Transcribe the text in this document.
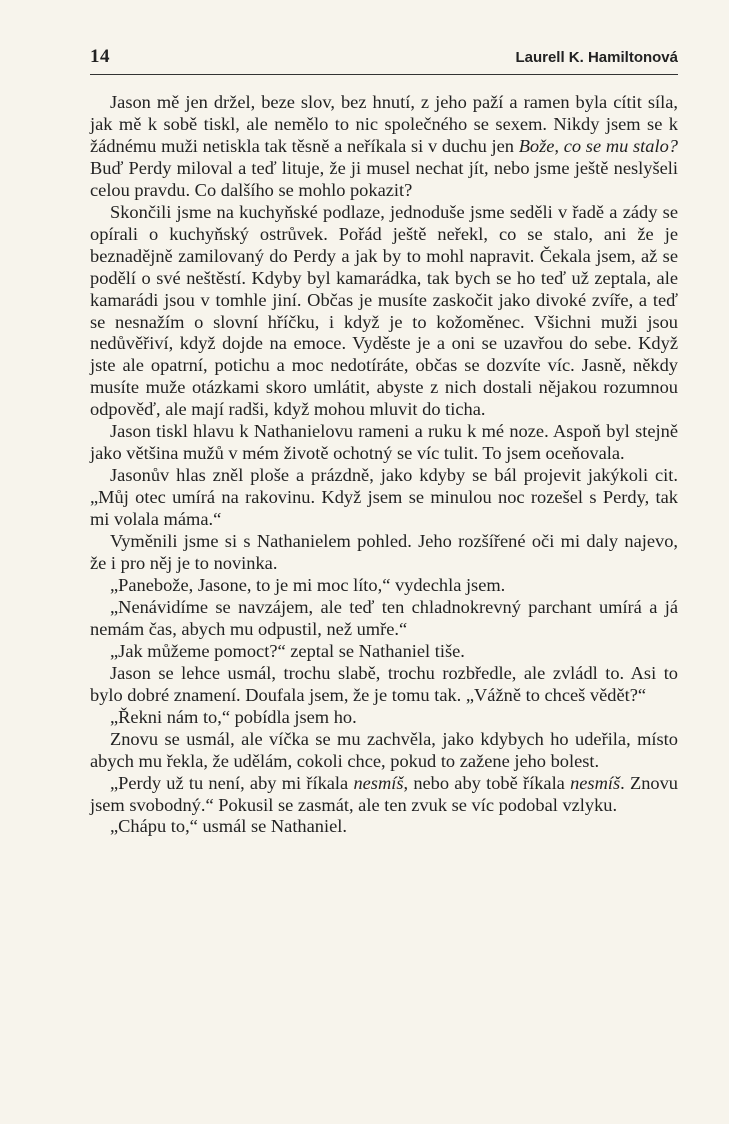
14	Laurell K. Hamiltonová

Jason mě jen držel, beze slov, bez hnutí, z jeho paží a ramen byla cítit síla, jak mě k sobě tiskl, ale nemělo to nic společného se sexem. Nikdy jsem se k žádnému muži netiskla tak těsně a neříkala si v duchu jen Bože, co se mu stalo? Buď Perdy miloval a teď lituje, že ji musel nechat jít, nebo jsme ještě neslyšeli celou pravdu. Co dalšího se mohlo pokazit?

Skončili jsme na kuchyňské podlaze, jednoduše jsme seděli v řadě a zády se opírali o kuchyňský ostrůvek. Pořád ještě neřekl, co se stalo, ani že je beznadějně zamilovaný do Perdy a jak by to mohl napravit. Čekala jsem, až se podělí o své neštěstí. Kdyby byl kamarádka, tak bych se ho teď už zeptala, ale kamarádi jsou v tomhle jiní. Občas je musíte zaskočit jako divoké zvíře, a teď se nesnažím o slovní hříčku, i když je to kožoměnec. Všichni muži jsou nedůvěřiví, když dojde na emoce. Vyděste je a oni se uzavřou do sebe. Když jste ale opatrní, potichu a moc nedotíráte, občas se dozvíte víc. Jasně, někdy musíte muže otázkami skoro umlátit, abyste z nich dostali nějakou rozumnou odpověď, ale mají radši, když mohou mluvit do ticha.

Jason tiskl hlavu k Nathanielovu rameni a ruku k mé noze. Aspoň byl stejně jako většina mužů v mém životě ochotný se víc tulit. To jsem oceňovala.

Jasonův hlas zněl ploše a prázdně, jako kdyby se bál projevit jakýkoli cit. „Můj otec umírá na rakovinu. Když jsem se minulou noc rozešel s Perdy, tak mi volala máma.“

Vyměnili jsme si s Nathanielem pohled. Jeho rozšířené oči mi daly najevo, že i pro něj je to novinka.

„Panebože, Jasone, to je mi moc líto,“ vydechla jsem.

„Nenávidíme se navzájem, ale teď ten chladnokrevný parchant umírá a já nemám čas, abych mu odpustil, než umře.“

„Jak můžeme pomoct?“ zeptal se Nathaniel tiše.

Jason se lehce usmál, trochu slabě, trochu rozbředle, ale zvládl to. Asi to bylo dobré znamení. Doufala jsem, že je tomu tak. „Vážně to chceš vědět?“

„Řekni nám to,“ pobídla jsem ho.

Znovu se usmál, ale víčka se mu zachvěla, jako kdybych ho udeřila, místo abych mu řekla, že udělám, cokoli chce, pokud to zažene jeho bolest.

„Perdy už tu není, aby mi říkala nesmíš, nebo aby tobě říkala nesmíš. Znovu jsem svobodný.“ Pokusil se zasmát, ale ten zvuk se víc podobal vzlyku.

„Chápu to,“ usmál se Nathaniel.
